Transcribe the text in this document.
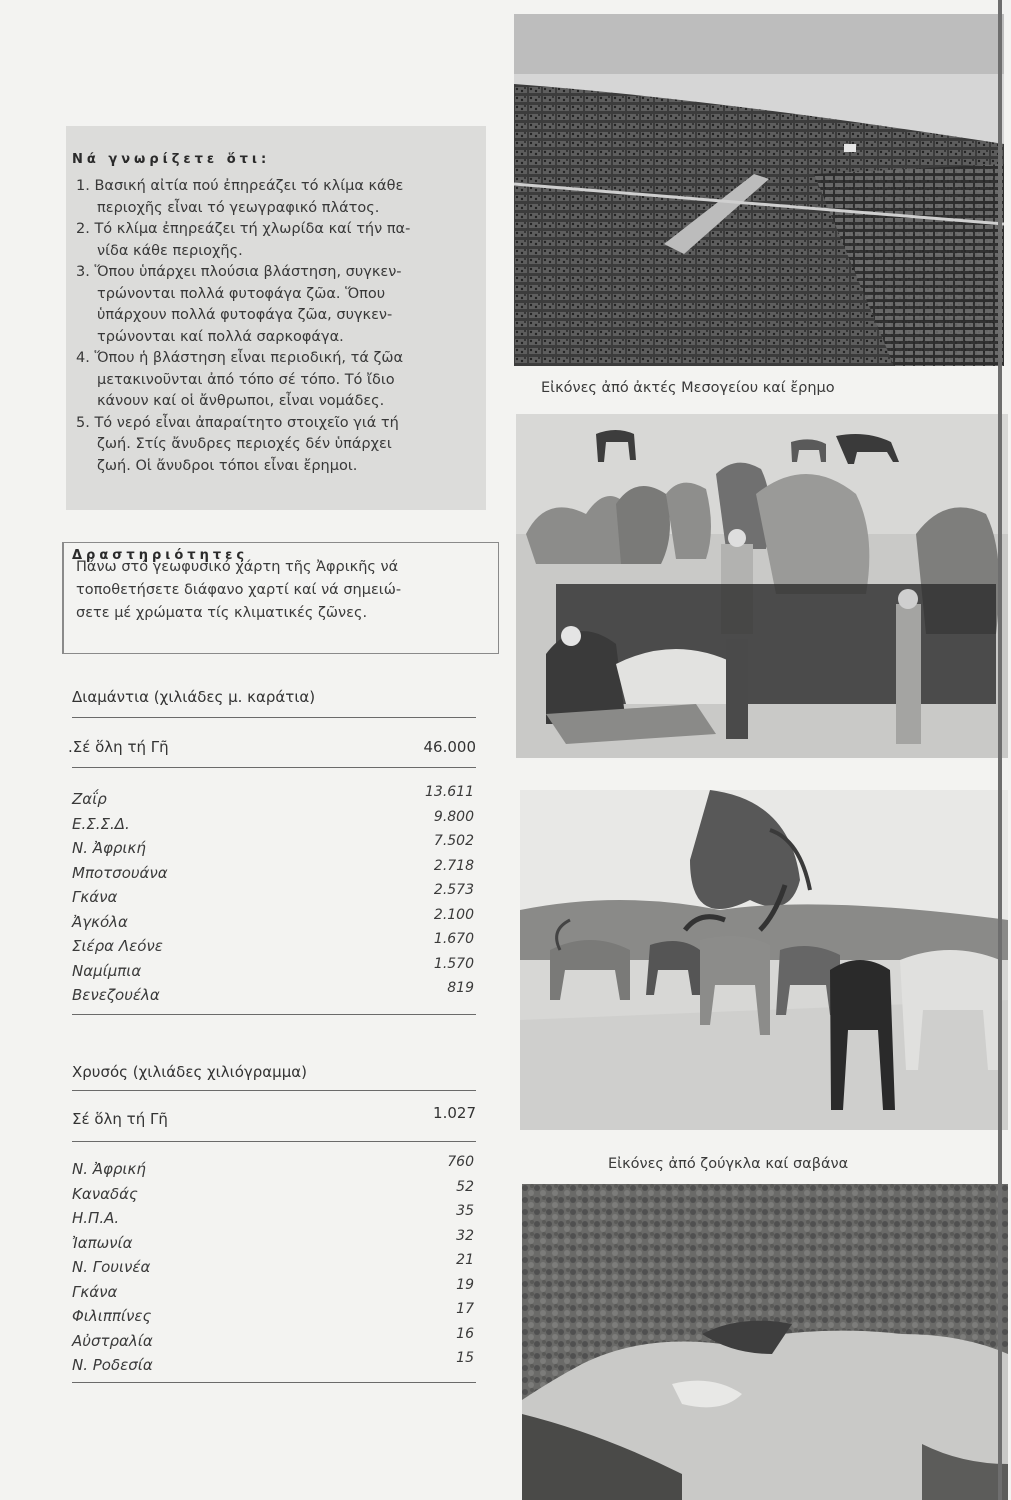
Νά γνωρίζετε ὅτι:
1. Βασική αἰτία πού ἐπηρεάζει τό κλίμα κάθε
περιοχῆς εἶναι τό γεωγραφικό πλάτος.
2. Τό κλίμα ἐπηρεάζει τή χλωρίδα καί τήν πα-
νίδα κάθε περιοχῆς.
3. Ὅπου ὑπάρχει πλούσια βλάστηση, συγκεν-
τρώνονται πολλά φυτοφάγα ζῶα. Ὅπου
ὑπάρχουν πολλά φυτοφάγα ζῶα, συγκεν-
τρώνονται καί πολλά σαρκοφάγα.
4. Ὅπου ἡ βλάστηση εἶναι περιοδική, τά ζῶα
μετακινοῦνται ἀπό τόπο σέ τόπο. Τό ἴδιο
κάνουν καί οἱ ἄνθρωποι, εἶναι νομάδες.
5. Τό νερό εἶναι ἀπαραίτητο στοιχεῖο γιά τή
ζωή. Στίς ἄνυδρες περιοχές δέν ὑπάρχει
ζωή. Οἱ ἄνυδροι τόποι εἶναι ἔρημοι.
Δραστηριότητες
Πάνω στό γεωφυσικό χάρτη τῆς Ἀφρικῆς νά
τοποθετήσετε διάφανο χαρτί καί νά σημειώ-
σετε μέ χρώματα τίς κλιματικές ζῶνες.
Διαμάντια (χιλιάδες μ. καράτια)
.Σέ ὅλη τή Γῆ	46.000
Ζαΐρ	13.611
Ε.Σ.Σ.Δ.	9.800
Ν. Ἀφρική	7.502
Μποτσουάνα	2.718
Γκάνα	2.573
Ἀγκόλα	2.100
Σιέρα Λεόνε	1.670
Ναμίμπια	1.570
Βενεζουέλα	819
Χρυσός (χιλιάδες χιλιόγραμμα)
Σέ ὅλη τή Γῆ	1.027
Ν. Ἀφρική	760
Καναδάς	52
Η.Π.Α.	35
Ἰαπωνία	32
Ν. Γουινέα	21
Γκάνα	19
Φιλιππίνες	17
Αὐστραλία	16
Ν. Ροδεσία	15
Εἰκόνες ἀπό ἀκτές Μεσογείου καί ἔρημο
Εἰκόνες ἀπό ζούγκλα καί σαβάνα
